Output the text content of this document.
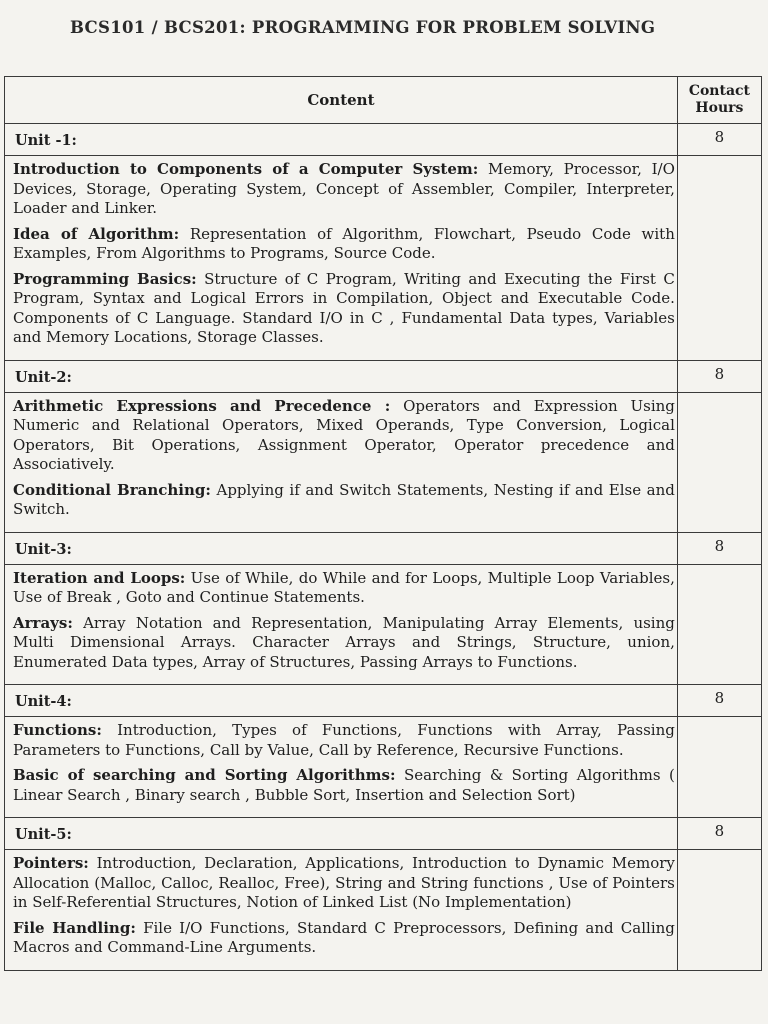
BCS101 / BCS201: PROGRAMMING FOR PROBLEM SOLVING
Content	Contact
Hours

Unit -1:	8

Introduction to Components of a Computer System: Memory, Processor, I/O Devices, Storage, Operating System, Concept of Assembler, Compiler, Interpreter, Loader and Linker.
Idea of Algorithm: Representation of Algorithm, Flowchart, Pseudo Code with Examples, From Algorithms to Programs, Source Code.
Programming Basics: Structure of C Program, Writing and Executing the First C Program, Syntax and Logical Errors in Compilation, Object and Executable Code. Components of C Language. Standard I/O in C , Fundamental Data types, Variables and Memory Locations, Storage Classes.	

Unit-2:	8

Arithmetic Expressions and Precedence : Operators and Expression Using Numeric and Relational Operators, Mixed Operands, Type Conversion, Logical Operators, Bit Operations, Assignment Operator, Operator precedence and Associatively.
Conditional Branching: Applying if and Switch Statements, Nesting if and Else and Switch.	

Unit-3:	8

Iteration and Loops: Use of While, do While and for Loops, Multiple Loop Variables, Use of Break , Goto and Continue Statements.
Arrays: Array Notation and Representation, Manipulating Array Elements, using Multi Dimensional Arrays. Character Arrays and Strings, Structure, union, Enumerated Data types, Array of Structures, Passing Arrays to Functions.	

Unit-4:	8

Functions: Introduction, Types of Functions, Functions with Array, Passing Parameters to Functions, Call by Value, Call by Reference, Recursive Functions.
Basic of searching and Sorting Algorithms: Searching & Sorting Algorithms ( Linear Search , Binary search , Bubble Sort, Insertion and Selection Sort)	

Unit-5:	8

Pointers: Introduction, Declaration, Applications, Introduction to Dynamic Memory Allocation (Malloc, Calloc, Realloc, Free), String and String functions , Use of Pointers in Self-Referential Structures, Notion of Linked List (No Implementation)
File Handling: File I/O Functions, Standard C Preprocessors, Defining and Calling Macros and Command-Line Arguments.	
